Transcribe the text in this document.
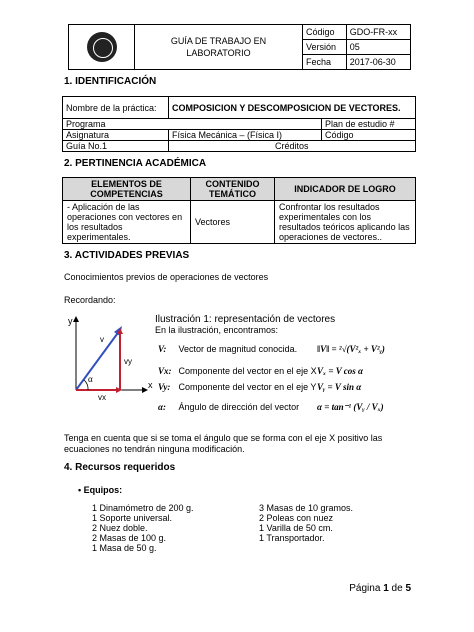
	GUÍA DE TRABAJO EN LABORATORIO	Código	GDO-FR-xx
		Versión	05
		Fecha	2017-06-30
1. IDENTIFICACIÓN
Nombre de la práctica:	COMPOSICION Y DESCOMPOSICION DE VECTORES.	
Programa		Plan de estudio #
Asignatura	Física Mecánica – (Física I)	Código
Guía No.1	Créditos	
2. PERTINENCIA ACADÉMICA
ELEMENTOS DE COMPETENCIAS	CONTENIDO TEMÁTICO	INDICADOR DE LOGRO
- Aplicación de las operaciones con vectores en los resultados experimentales.	Vectores	Confrontar los resultados experimentales con los resultados teóricos aplicando las operaciones de vectores..
3. ACTIVIDADES PREVIAS
Conocimientos previos de operaciones de vectores
Recordando:
y
x
v
vy
vx
α
Ilustración 1: representación de vectores
En la ilustración, encontramos:
V: Vector de magnitud conocida. ‖V‖ = ²√(V²ₓ + V²ᵧ)
Vx: Componente del vector en el eje X Vₓ = V cos α
Vy: Componente del vector en el eje Y Vᵧ = V sin α
α: Ángulo de dirección del vector α = tan⁻¹ (Vᵧ / Vₓ)
Tenga en cuenta que si se toma el ángulo que se forma con el eje X positivo las ecuaciones no tendrán ninguna modificación.
4. Recursos requeridos
• Equipos:
1 Dinamómetro de 200 g.
1 Soporte universal.
2 Nuez doble.
2 Masas de 100 g.
1 Masa de 50 g.
3 Masas de 10 gramos.
2 Poleas con nuez
1 Varilla de 50 cm.
1 Transportador.
Página 1 de 5
